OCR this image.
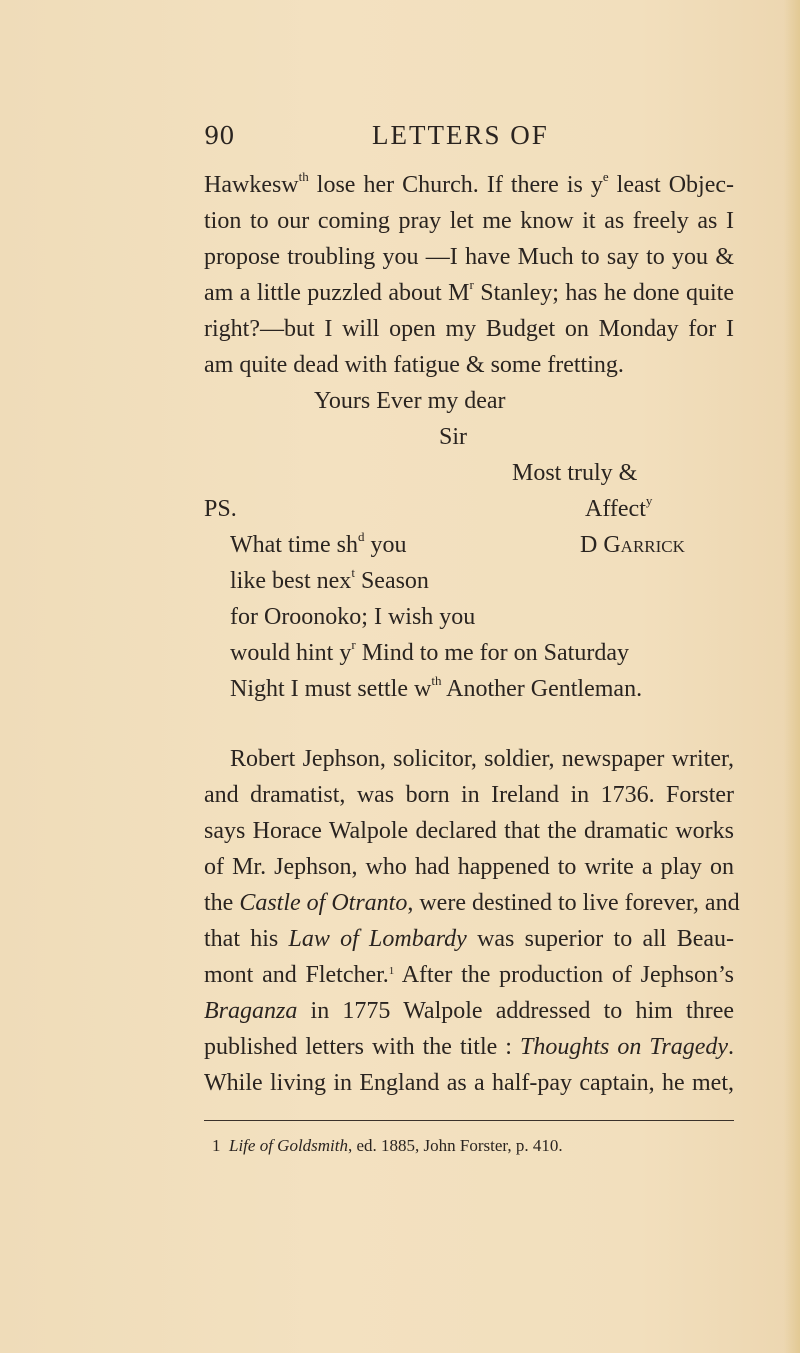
90	LETTERS OF
Hawkesw$^{th}$ lose her Church. If there is $y^e$ least Objec-
tion to our coming pray let me know it as freely as I
propose troubling you —I have Much to say to you &
am a little puzzled about $M^r$ Stanley; has he done quite
right?—but I will open my Budget on Monday for I
am quite dead with fatigue & some fretting.
Yours Ever my dear
Sir
Most truly &
PS.	Affect$^y$
What time $sh^d$ you	D Garrick
like best nex$^t$ Season
for Oroonoko; I wish you
would hint $y^r$ Mind to me for on Saturday
Night I must settle $w^{th}$ Another Gentleman.
Robert Jephson, solicitor, soldier, newspaper writer,
and dramatist, was born in Ireland in 1736. Forster
says Horace Walpole declared that the dramatic works
of Mr. Jephson, who had happened to write a play on
the Castle of Otranto, were destined to live forever, and
that his Law of Lombardy was superior to all Beau-
mont and Fletcher.$^1$ After the production of Jephson’s
Braganza in 1775 Walpole addressed to him three
published letters with the title : Thoughts on Tragedy.
While living in England as a half-pay captain, he met,
1 Life of Goldsmith, ed. 1885, John Forster, p. 410.
